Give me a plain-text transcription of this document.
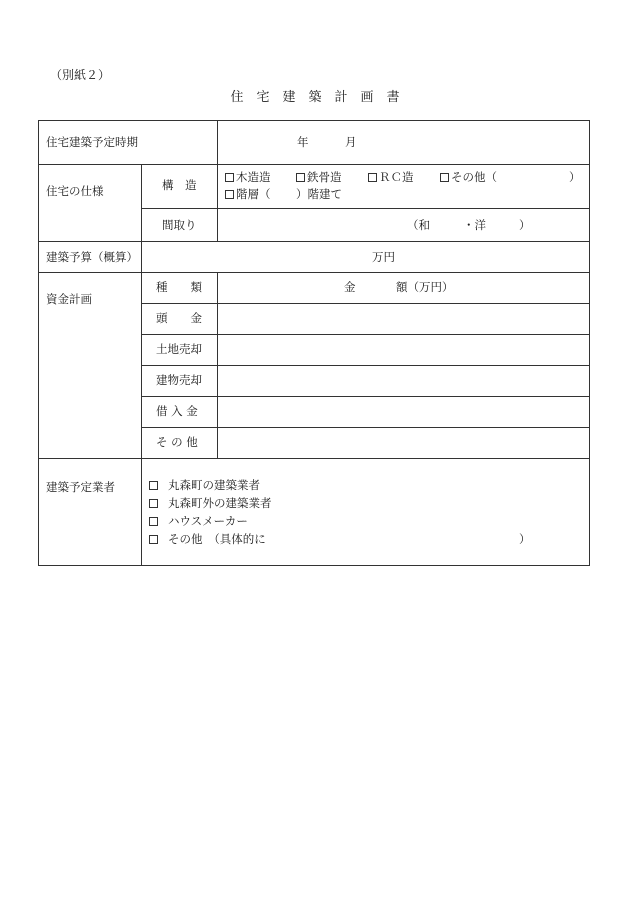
（別紙２）
住　宅　建　築　計　画　書
住宅建築予定時期	年	月
住宅の仕様	構　造
木造造	鉄骨造	ＲＣ造	その他（	）
階層（ ）階建て
間取り	（和	・洋	）
建築予算（概算）	万円
資金計画
種　　類	金	額（万円）
頭　　金
土地売却
建物売却
借 入 金
そ の 他
建築予定業者	丸森町の建築業者
丸森町外の建築業者
ハウスメーカー
その他　（具体的に	）
